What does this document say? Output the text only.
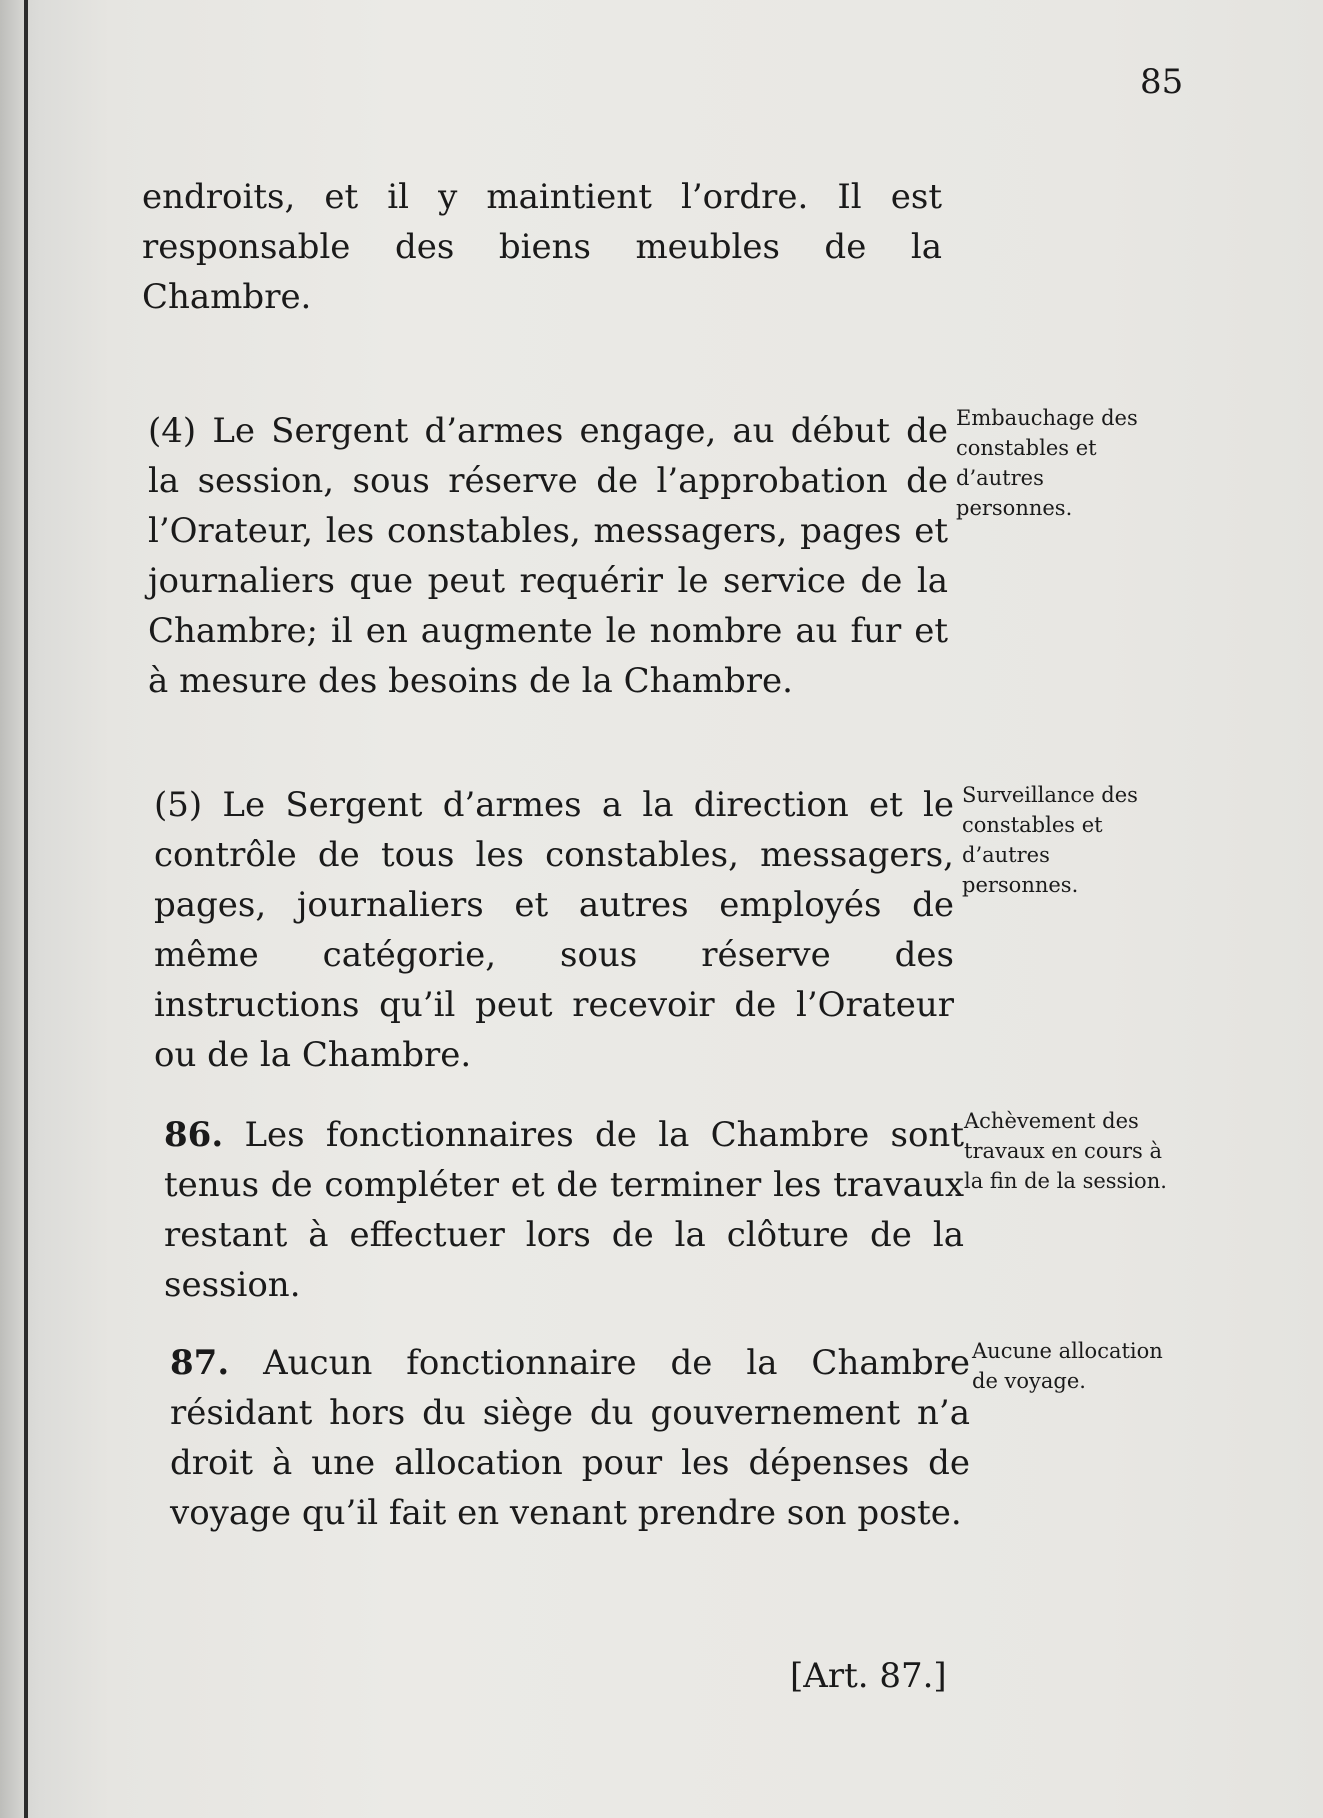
85

endroits, et il y maintient l’ordre. Il est responsable des biens meubles de la Chambre.

(4) Le Sergent d’armes engage, au début de la session, sous réserve de l’approbation de l’Orateur, les constables, messagers, pages et journaliers que peut requérir le service de la Chambre; il en augmente le nombre au fur et à mesure des besoins de la Chambre.

(5) Le Sergent d’armes a la direction et le contrôle de tous les constables, messagers, pages, journaliers et autres employés de même catégorie, sous réserve des instructions qu’il peut recevoir de l’Orateur ou de la Chambre.

86. Les fonctionnaires de la Chambre sont tenus de compléter et de terminer les travaux restant à effectuer lors de la clôture de la session.

87. Aucun fonctionnaire de la Chambre résidant hors du siège du gouvernement n’a droit à une allocation pour les dépenses de voyage qu’il fait en venant prendre son poste.

Embauchage des constables et d’autres personnes.
Surveillance des constables et d’autres personnes.
Achèvement des travaux en cours à la fin de la session.
Aucune allocation de voyage.
[Art. 87.]
